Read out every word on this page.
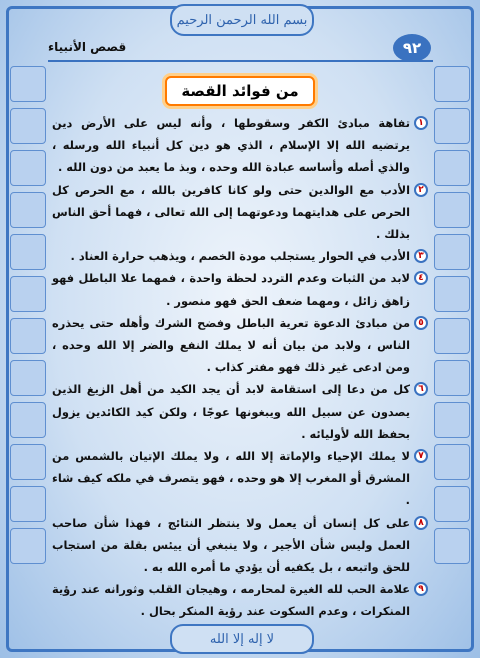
بسم الله الرحمن الرحيم
٩٢
قصص الأنبياء
من فوائد القصة

١
تفاهة مبادئ الكفر وسقوطها ، وأنه ليس على الأرض دين يرتضيه الله إلا الإسلام ، الذي هو دين كل أنبياء الله ورسله ، والذي أصله وأساسه عبادة الله وحده ، وبذ ما يعبد من دون الله .

٢
الأدب مع الوالدين حتى ولو كانا كافرين بالله ، مع الحرص كل الحرص على هدايتهما ودعوتهما إلى الله تعالى ، فهما أحق الناس بذلك .

٣
الأدب في الحوار يستجلب مودة الخصم ، ويذهب حرارة العناد .

٤
لابد من الثبات وعدم التردد لحظة واحدة ، فمهما علا الباطل فهو زاهق زائل ، ومهما ضعف الحق فهو منصور .

٥
من مبادئ الدعوة تعرية الباطل وفضح الشرك وأهله حتى يحذره الناس ، ولابد من بيان أنه لا يملك النفع والضر إلا الله وحده ، ومن ادعى غير ذلك فهو مفتر كذاب .

٦
كل من دعا إلى استقامة لابد أن يجد الكيد من أهل الزيغ الذين يصدون عن سبيل الله ويبغونها عوجًا ، ولكن كيد الكائدين يزول بحفظ الله لأوليائه .

٧
لا يملك الإحياء والإماتة إلا الله ، ولا يملك الإتيان بالشمس من المشرق أو المغرب إلا هو وحده ، فهو يتصرف في ملكه كيف شاء .

٨
على كل إنسان أن يعمل ولا ينتظر النتائج ، فهذا شأن صاحب العمل وليس شأن الأجير ، ولا ينبغي أن ييئس بقلة من استجاب للحق واتبعه ، بل يكفيه أن يؤدي ما أمره الله به .

٩
علامة الحب لله الغيرة لمحارمه ، وهيجان القلب وثورانه عند رؤية المنكرات ، وعدم السكوت عند رؤية المنكر بحال .

لا إله إلا الله
